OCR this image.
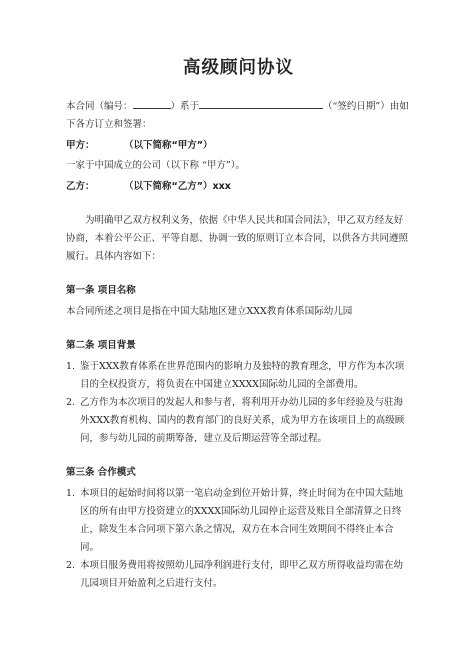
高级顾问协议

本合同（编号：	）系于	（“签约日期”）由如下各方订立和签署：

甲方：	（以下简称“甲方”）

一家于中国成立的公司（以下称 “甲方”）。

乙方：	（以下简称“乙方”）xxx

为明确甲乙双方权利义务，依据《中华人民共和国合同法》，甲乙双方经友好协商，本着公平公正、平等自愿、协调一致的原则订立本合同，以供各方共同遵照履行。具体内容如下：

第一条 项目名称

本合同所述之项目是指在中国大陆地区建立XXX教育体系国际幼儿园

第二条 项目背景

1. 鉴于XXX教育体系在世界范围内的影响力及独特的教育理念，甲方作为本次项目的全权投资方，将负责在中国建立XXXX国际幼儿园的全部费用。
2. 乙方作为本次项目的发起人和参与者，将利用开办幼儿园的多年经验及与驻海外XXX教育机构、国内的教育部门的良好关系，成为甲方在该项目上的高级顾问，参与幼儿园的前期筹备，建立及后期运营等全部过程。

第三条 合作模式

1. 本项目的起始时间将以第一笔启动金到位开始计算，终止时间为在中国大陆地区的所有由甲方投资建立的XXXX国际幼儿园停止运营及账目全部清算之日终止，除发生本合同项下第六条之情况，双方在本合同生效期间不得终止本合同。
2. 本项目服务费用将按照幼儿园净利润进行支付，即甲乙双方所得收益均需在幼儿园项目开始盈利之后进行支付。
